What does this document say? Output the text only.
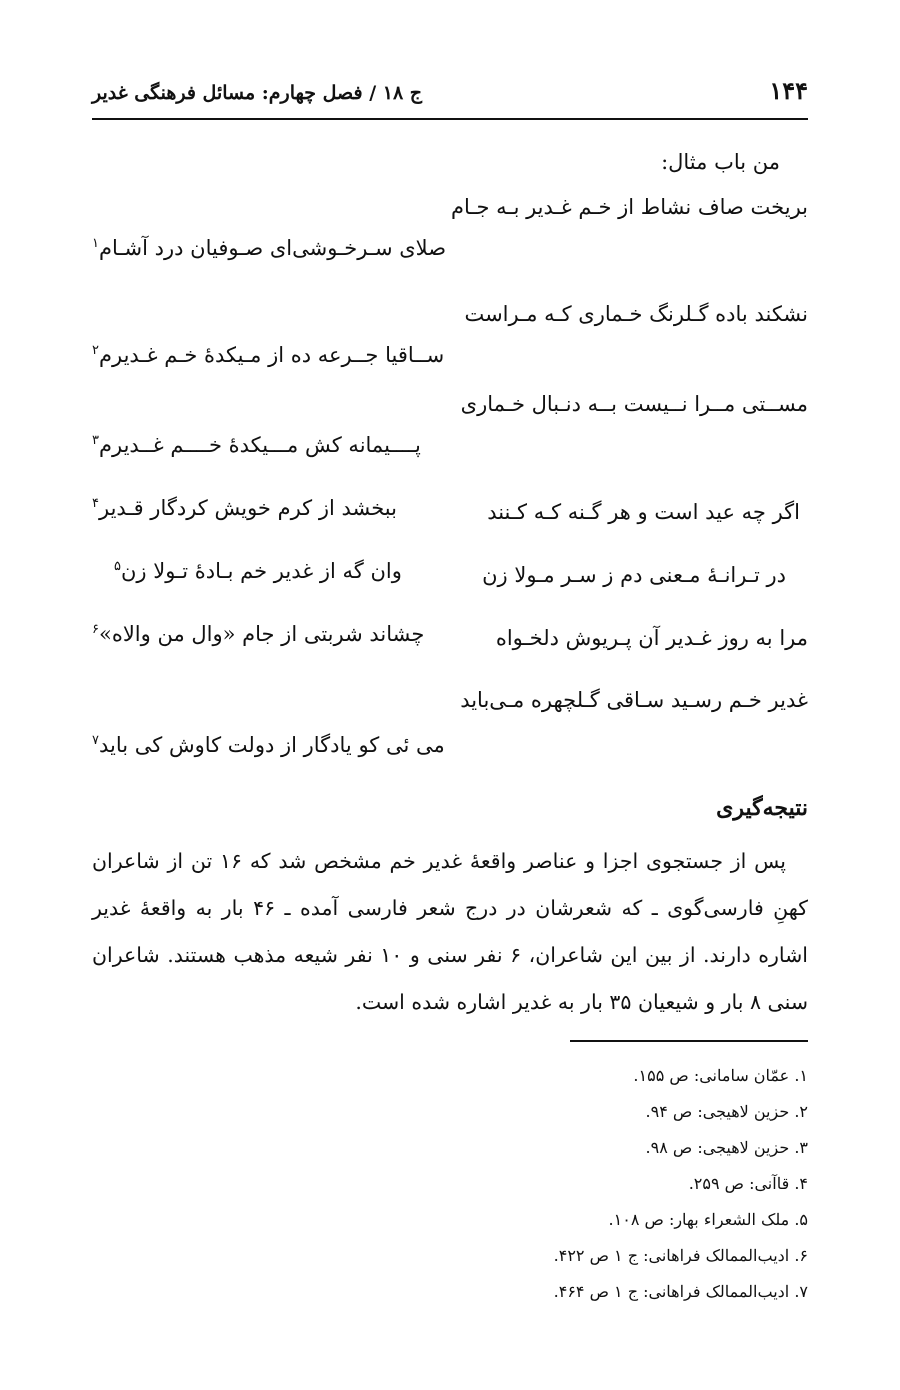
۱۴۴
ج ۱۸ / فصل چهارم: مسائل فرهنگی غدیر
من باب مثال:
بریخت صاف نشاط از خـم غـدیر بـه جـام
صلای سـرخـوشی‌ای صـوفیان درد آشـام$^۱$
نشکند باده گـلرنگ خـماری کـه مـراست
ســاقیا جــرعه ده از مـیکدۀ خـم غـدیرم$^۲$
مســتی مــرا نــیست بــه دنـبال خـماری
پــــیمانه کش مـــیکدۀ خــــم غــدیرم$^۳$
اگر چه عید است و هر گـنه کـه کـنند
ببخشد از کرم خویش کردگار قـدیر$^۴$
در تـرانـۀ مـعنی دم ز سـر مـولا زن
وان گه از غدیر خم بـادۀ تـولا زن$^۵$
مرا به روز غـدیر آن پـریوش دلخـواه
چشاند شربتی از جام «وال من والاه»$^۶$
غدیر خـم رسـید سـاقی گـلچهره مـی‌باید
می ئی کو یادگار از دولت کاوش کی باید$^۷$
نتیجه‌گیری
پس از جستجوی اجزا و عناصر واقعۀ غدیر خم مشخص شد که ۱۶ تن از شاعران کهنِ فارسی‌گوی ـ که شعرشان در درج شعر فارسی آمده ـ ۴۶ بار به واقعۀ غدیر اشاره دارند. از بین این شاعران، ۶ نفر سنی و ۱۰ نفر شیعه مذهب هستند. شاعران سنی ۸ بار و شیعیان ۳۵ بار به غدیر اشاره شده است.
۱. عمّان سامانی: ص ۱۵۵.
۲. حزین لاهیجی: ص ۹۴.
۳. حزین لاهیجی: ص ۹۸.
۴. قاآنی: ص ۲۵۹.
۵. ملک الشعراء بهار: ص ۱۰۸.
۶. ادیب‌الممالک فراهانی: ج ۱ ص ۴۲۲.
۷. ادیب‌الممالک فراهانی: ج ۱ ص ۴۶۴.
